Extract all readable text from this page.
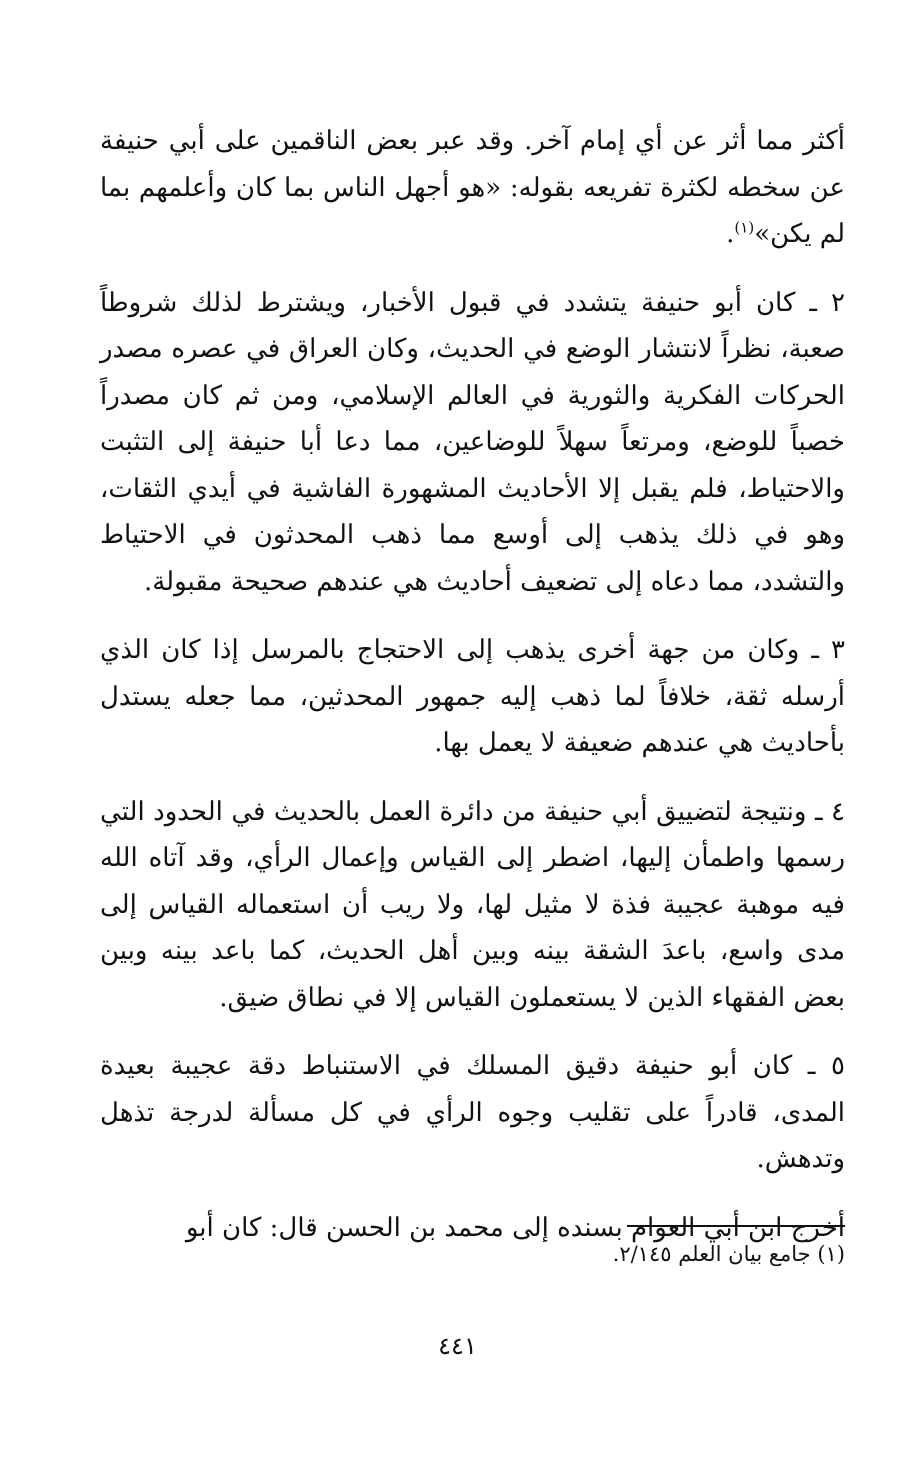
أكثر مما أثر عن أي إمام آخر. وقد عبر بعض الناقمين على أبي حنيفة عن سخطه لكثرة تفريعه بقوله: «هو أجهل الناس بما كان وأعلمهم بما لم يكن»$^{(١)}$.

٢ ـ كان أبو حنيفة يتشدد في قبول الأخبار، ويشترط لذلك شروطاً صعبة، نظراً لانتشار الوضع في الحديث، وكان العراق في عصره مصدر الحركات الفكرية والثورية في العالم الإسلامي، ومن ثم كان مصدراً خصباً للوضع، ومرتعاً سهلاً للوضاعين، مما دعا أبا حنيفة إلى التثبت والاحتياط، فلم يقبل إلا الأحاديث المشهورة الفاشية في أيدي الثقات، وهو في ذلك يذهب إلى أوسع مما ذهب المحدثون في الاحتياط والتشدد، مما دعاه إلى تضعيف أحاديث هي عندهم صحيحة مقبولة.

٣ ـ وكان من جهة أخرى يذهب إلى الاحتجاج بالمرسل إذا كان الذي أرسله ثقة، خلافاً لما ذهب إليه جمهور المحدثين، مما جعله يستدل بأحاديث هي عندهم ضعيفة لا يعمل بها.

٤ ـ ونتيجة لتضييق أبي حنيفة من دائرة العمل بالحديث في الحدود التي رسمها واطمأن إليها، اضطر إلى القياس وإعمال الرأي، وقد آتاه الله فيه موهبة عجيبة فذة لا مثيل لها، ولا ريب أن استعماله القياس إلى مدى واسع، باعدَ الشقة بينه وبين أهل الحديث، كما باعد بينه وبين بعض الفقهاء الذين لا يستعملون القياس إلا في نطاق ضيق.

٥ ـ كان أبو حنيفة دقيق المسلك في الاستنباط دقة عجيبة بعيدة المدى، قادراً على تقليب وجوه الرأي في كل مسألة لدرجة تذهل وتدهش.

أخرج ابن أبي العوام بسنده إلى محمد بن الحسن قال: كان أبو

(١) جامع بيان العلم ٢/١٤٥.
٤٤١
